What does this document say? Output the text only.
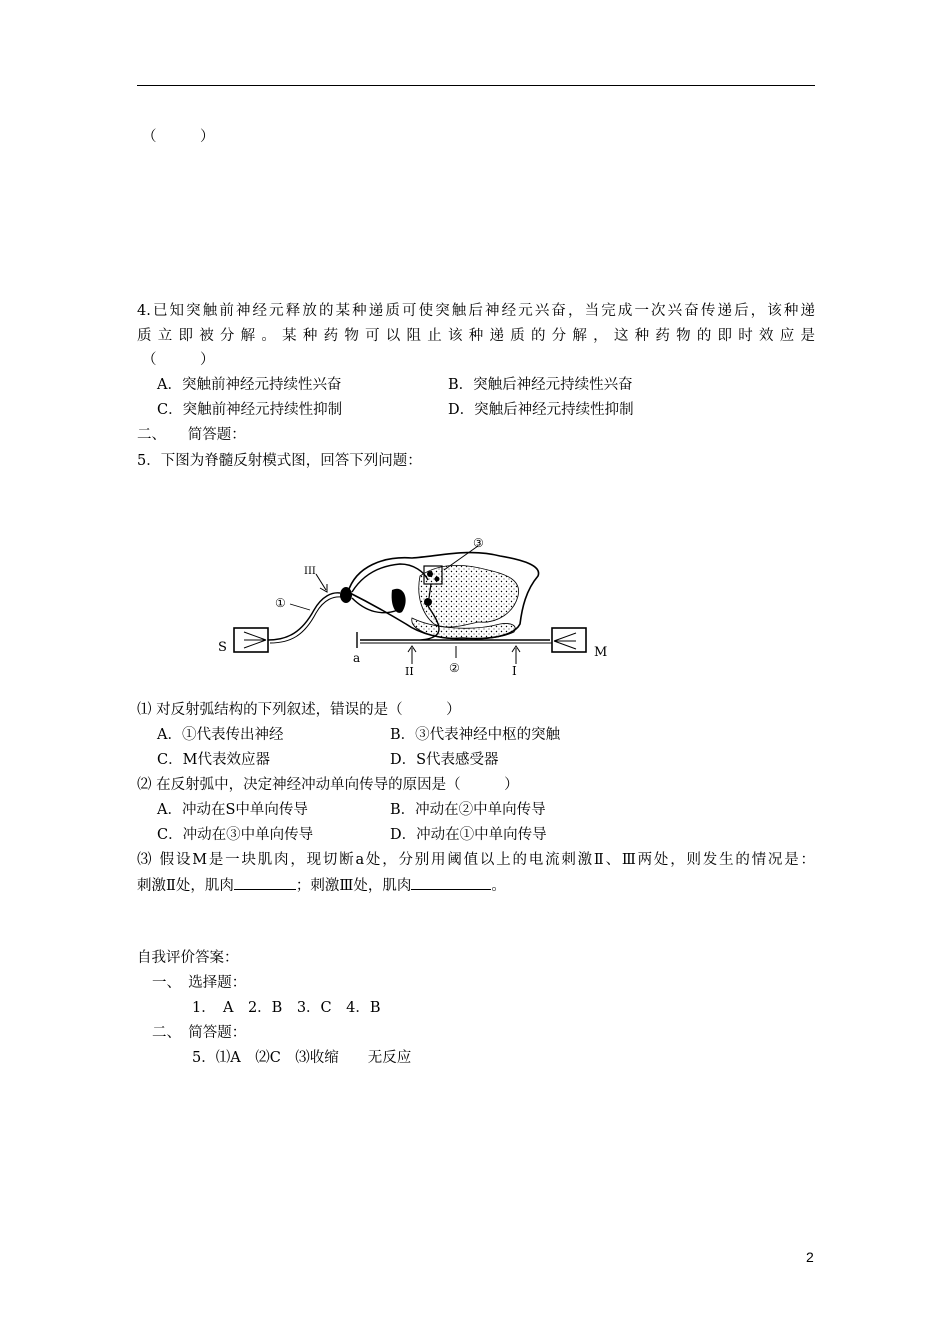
（　　　）
4.已知突触前神经元释放的某种递质可使突触后神经元兴奋，当完成一次兴奋传递后，该种递
质立即被分解。某种药物可以阻止该种递质的分解，这种药物的即时效应是
（　　　）
A．突触前神经元持续性兴奋	B．突触后神经元持续性兴奋
C．突触前神经元持续性抑制	D．突触后神经元持续性抑制
二、　　简答题：
5．下图为脊髓反射模式图，回答下列问题：
S	M
a
I
II
III
①
②
③
⑴ 对反射弧结构的下列叙述，错误的是（　　　）
A．①代表传出神经	B．③代表神经中枢的突触
C．M代表效应器	D．S代表感受器
⑵ 在反射弧中，决定神经冲动单向传导的原因是（　　　）
A．冲动在S中单向传导	B．冲动在②中单向传导
C．冲动在③中单向传导	D．冲动在①中单向传导
⑶ 假设M是一块肌肉，现切断a处，分别用阈值以上的电流刺激Ⅱ、Ⅲ两处，则发生的情况是：
刺激Ⅱ处，肌肉	；刺激Ⅲ处，肌肉	。
自我评价答案：
一、　选择题：
1．　A　2．B　3．C　4．B
二、　简答题：
5．⑴A　⑵C　⑶收缩　　无反应
2
